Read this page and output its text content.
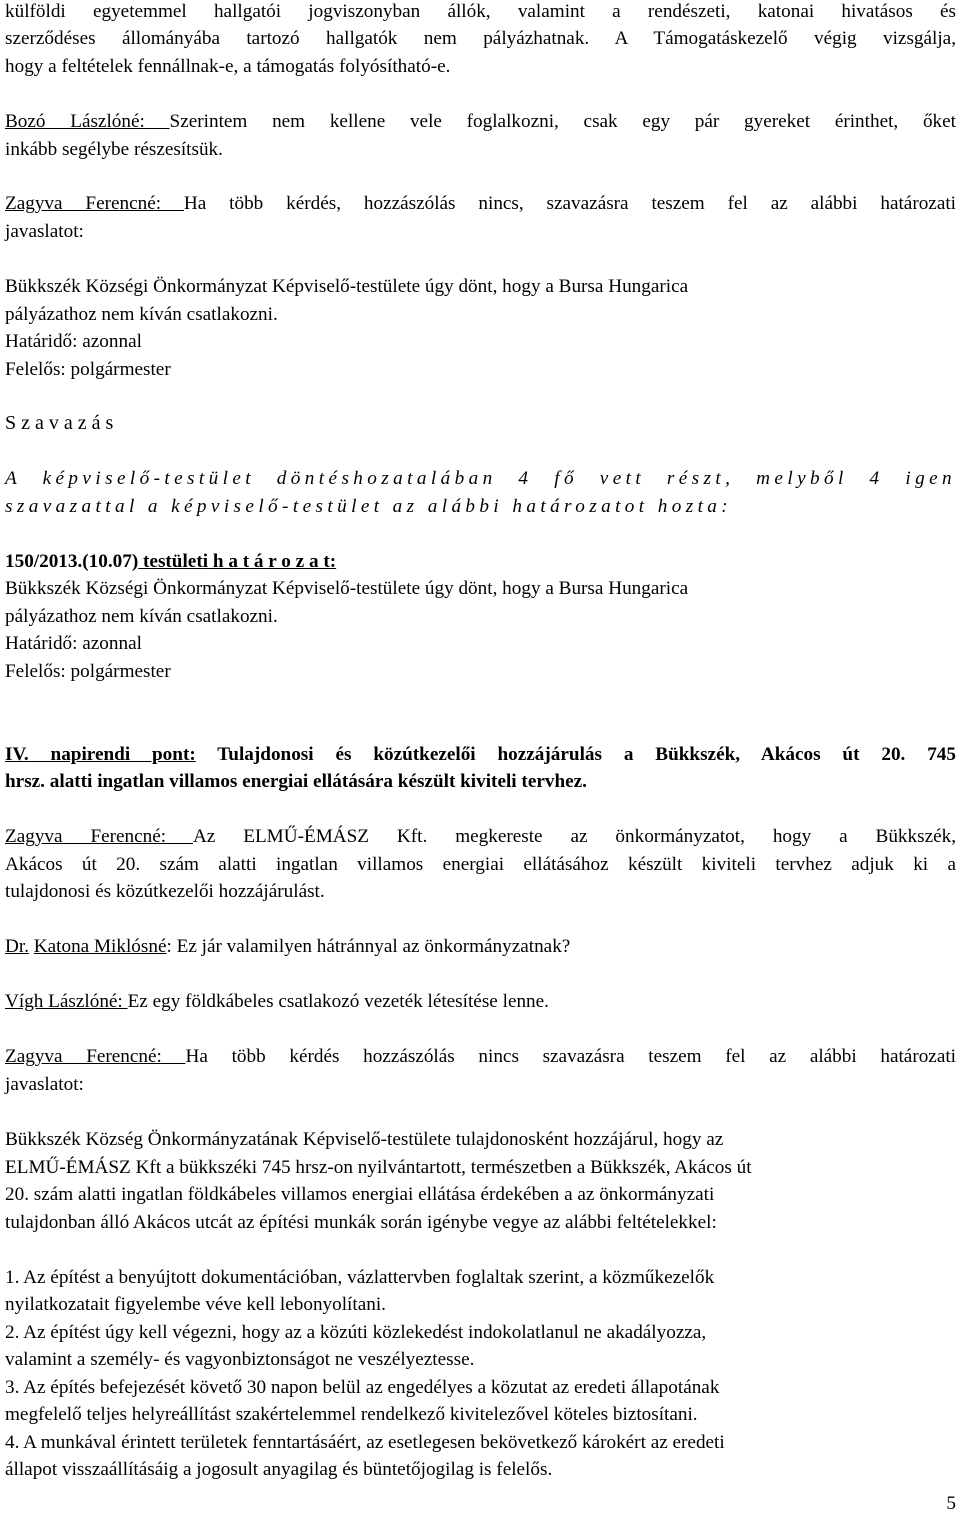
külföldi egyetemmel hallgatói jogviszonyban állók, valamint a rendészeti, katonai hivatásos és

szerződéses állományába tartozó hallgatók nem pályázhatnak. A Támogatáskezelő végig vizsgálja,

hogy a feltételek fennállnak-e, a támogatás folyósítható-e.

Bozó Lászlóné: Szerintem nem kellene vele foglalkozni, csak egy pár gyereket érinthet, őket

inkább segélybe részesítsük.

Zagyva Ferencné: Ha több kérdés, hozzászólás nincs, szavazásra teszem fel az alábbi határozati

javaslatot:

Bükkszék Községi Önkormányzat Képviselő-testülete úgy dönt, hogy a Bursa Hungarica

pályázathoz nem kíván csatlakozni.

Határidő: azonnal

Felelős: polgármester

S z a v a z á s

A képviselő-testület döntéshozatalában 4 fő vett részt, melyből 4 igen

szavazattal a képviselő-testület az alábbi határozatot hozta:

150/2013.(10.07) testületi h a t á r o z a t:

Bükkszék Községi Önkormányzat Képviselő-testülete úgy dönt, hogy a Bursa Hungarica

pályázathoz nem kíván csatlakozni.

Határidő: azonnal

Felelős: polgármester

IV. napirendi pont: Tulajdonosi és közútkezelői hozzájárulás a Bükkszék, Akácos út 20. 745

hrsz. alatti ingatlan villamos energiai ellátására készült kiviteli tervhez.

Zagyva Ferencné: Az ELMŰ-ÉMÁSZ Kft. megkereste az önkormányzatot, hogy a Bükkszék,

Akácos út 20. szám alatti ingatlan villamos energiai ellátásához készült kiviteli tervhez adjuk ki a

tulajdonosi és közútkezelői hozzájárulást.

Dr. Katona Miklósné: Ez jár valamilyen hátránnyal az önkormányzatnak?

Vígh Lászlóné: Ez egy földkábeles csatlakozó vezeték létesítése lenne.

Zagyva Ferencné: Ha több kérdés hozzászólás nincs szavazásra teszem fel az alábbi határozati

javaslatot:

Bükkszék Község Önkormányzatának Képviselő-testülete tulajdonosként hozzájárul, hogy az

ELMŰ-ÉMÁSZ Kft a bükkszéki 745 hrsz-on nyilvántartott, természetben a Bükkszék, Akácos út

20. szám alatti ingatlan földkábeles villamos energiai ellátása érdekében a az önkormányzati

tulajdonban álló Akácos utcát az építési munkák során igénybe vegye az alábbi feltételekkel:

1. Az építést a benyújtott dokumentációban, vázlattervben foglaltak szerint, a közműkezelők

nyilatkozatait figyelembe véve kell lebonyolítani.

2. Az építést úgy kell végezni, hogy az a közúti közlekedést indokolatlanul ne akadályozza,

valamint a személy- és vagyonbiztonságot ne veszélyeztesse.

3. Az építés befejezését követő 30 napon belül az engedélyes a közutat az eredeti állapotának

megfelelő teljes helyreállítást szakértelemmel rendelkező kivitelezővel köteles biztosítani.

4. A munkával érintett területek fenntartásáért, az esetlegesen bekövetkező károkért az eredeti

állapot visszaállításáig a jogosult anyagilag és büntetőjogilag is felelős.

5
